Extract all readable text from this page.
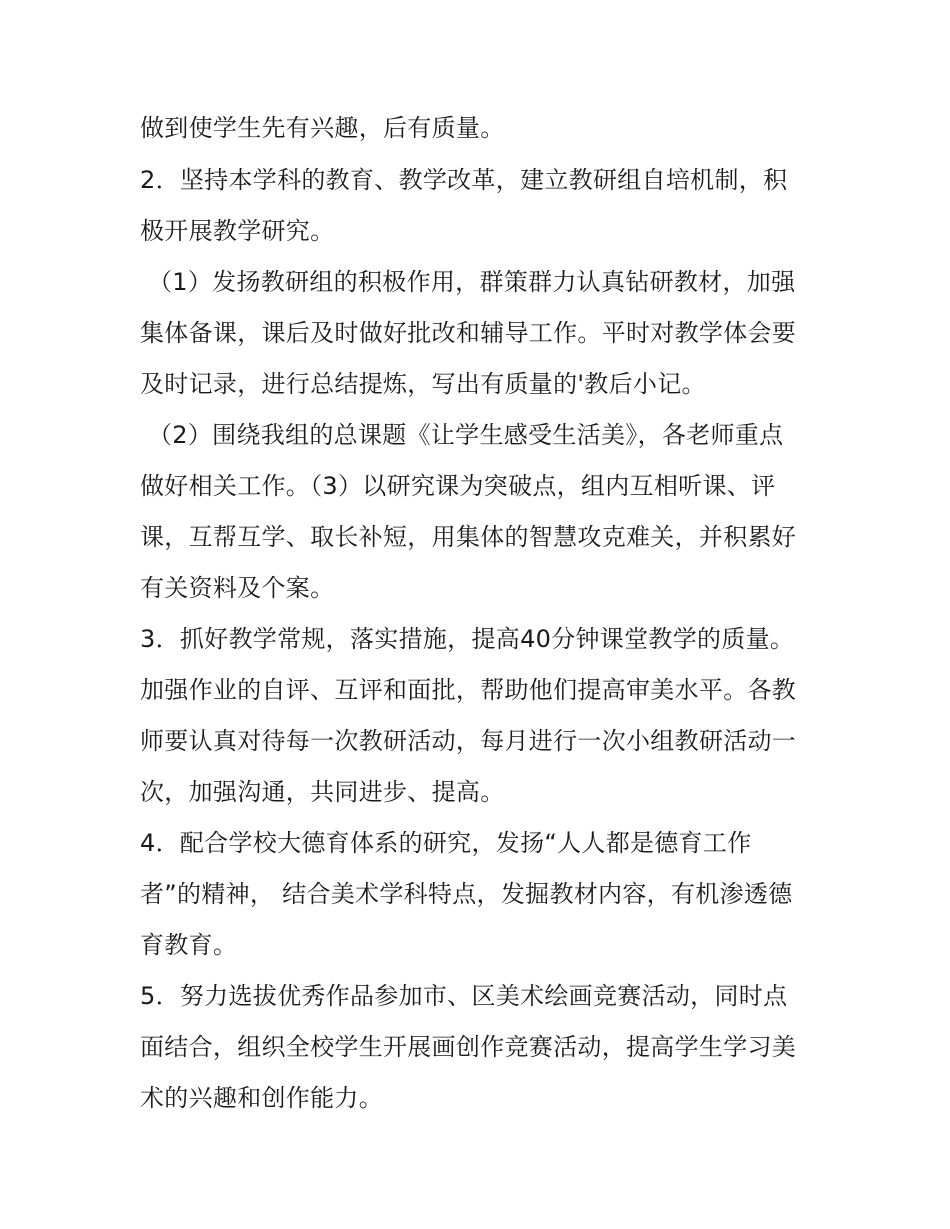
做到使学生先有兴趣，后有质量。
2．坚持本学科的教育、教学改革，建立教研组自培机制，积
极开展教学研究。
（1）发扬教研组的积极作用，群策群力认真钻研教材，加强
集体备课，课后及时做好批改和辅导工作。平时对教学体会要
及时记录，进行总结提炼，写出有质量的'教后小记。
（2）围绕我组的总课题《让学生感受生活美》，各老师重点
做好相关工作。（3）以研究课为突破点，组内互相听课、评
课，互帮互学、取长补短，用集体的智慧攻克难关，并积累好
有关资料及个案。
3．抓好教学常规，落实措施，提高40分钟课堂教学的质量。
加强作业的自评、互评和面批，帮助他们提高审美水平。各教
师要认真对待每一次教研活动，每月进行一次小组教研活动一
次，加强沟通，共同进步、提高。
4．配合学校大德育体系的研究，发扬“人人都是德育工作
者”的精神， 结合美术学科特点，发掘教材内容，有机渗透德
育教育。
5．努力选拔优秀作品参加市、区美术绘画竞赛活动，同时点
面结合，组织全校学生开展画创作竞赛活动，提高学生学习美
术的兴趣和创作能力。
